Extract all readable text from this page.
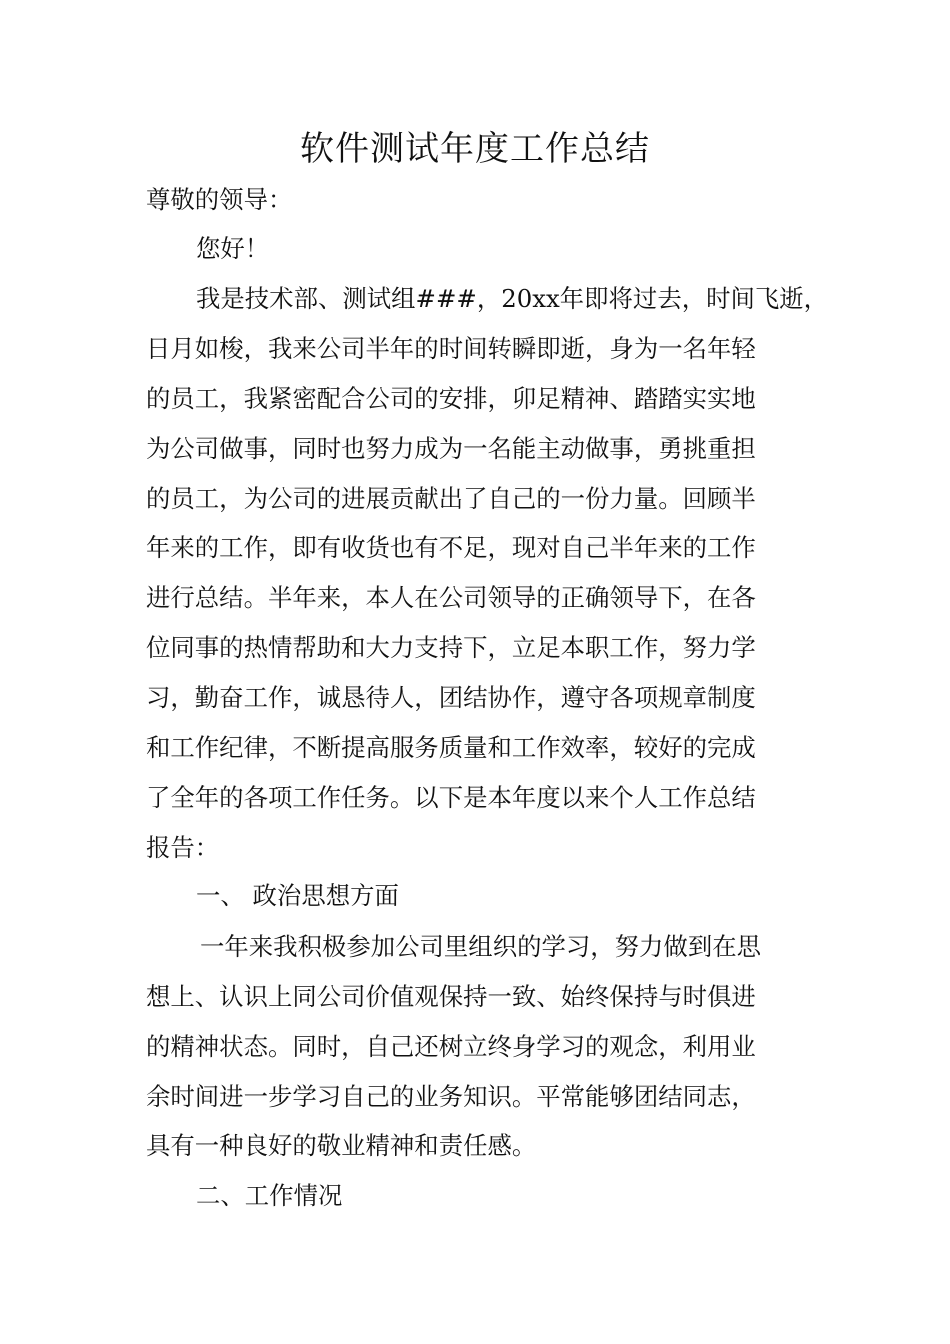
软件测试年度工作总结
尊敬的领导：
您好！
我是技术部、测试组###，20xx年即将过去，时间飞逝，
日月如梭，我来公司半年的时间转瞬即逝，身为一名年轻
的员工，我紧密配合公司的安排，卯足精神、踏踏实实地
为公司做事，同时也努力成为一名能主动做事，勇挑重担
的员工，为公司的进展贡献出了自己的一份力量。回顾半
年来的工作，即有收货也有不足，现对自己半年来的工作
进行总结。半年来，本人在公司领导的正确领导下，在各
位同事的热情帮助和大力支持下，立足本职工作，努力学
习，勤奋工作，诚恳待人，团结协作，遵守各项规章制度
和工作纪律，不断提高服务质量和工作效率，较好的完成
了全年的各项工作任务。以下是本年度以来个人工作总结
报告：
一、 政治思想方面
一年来我积极参加公司里组织的学习，努力做到在思
想上、认识上同公司价值观保持一致、始终保持与时俱进
的精神状态。同时，自己还树立终身学习的观念，利用业
余时间进一步学习自己的业务知识。平常能够团结同志，
具有一种良好的敬业精神和责任感。
二、工作情况
